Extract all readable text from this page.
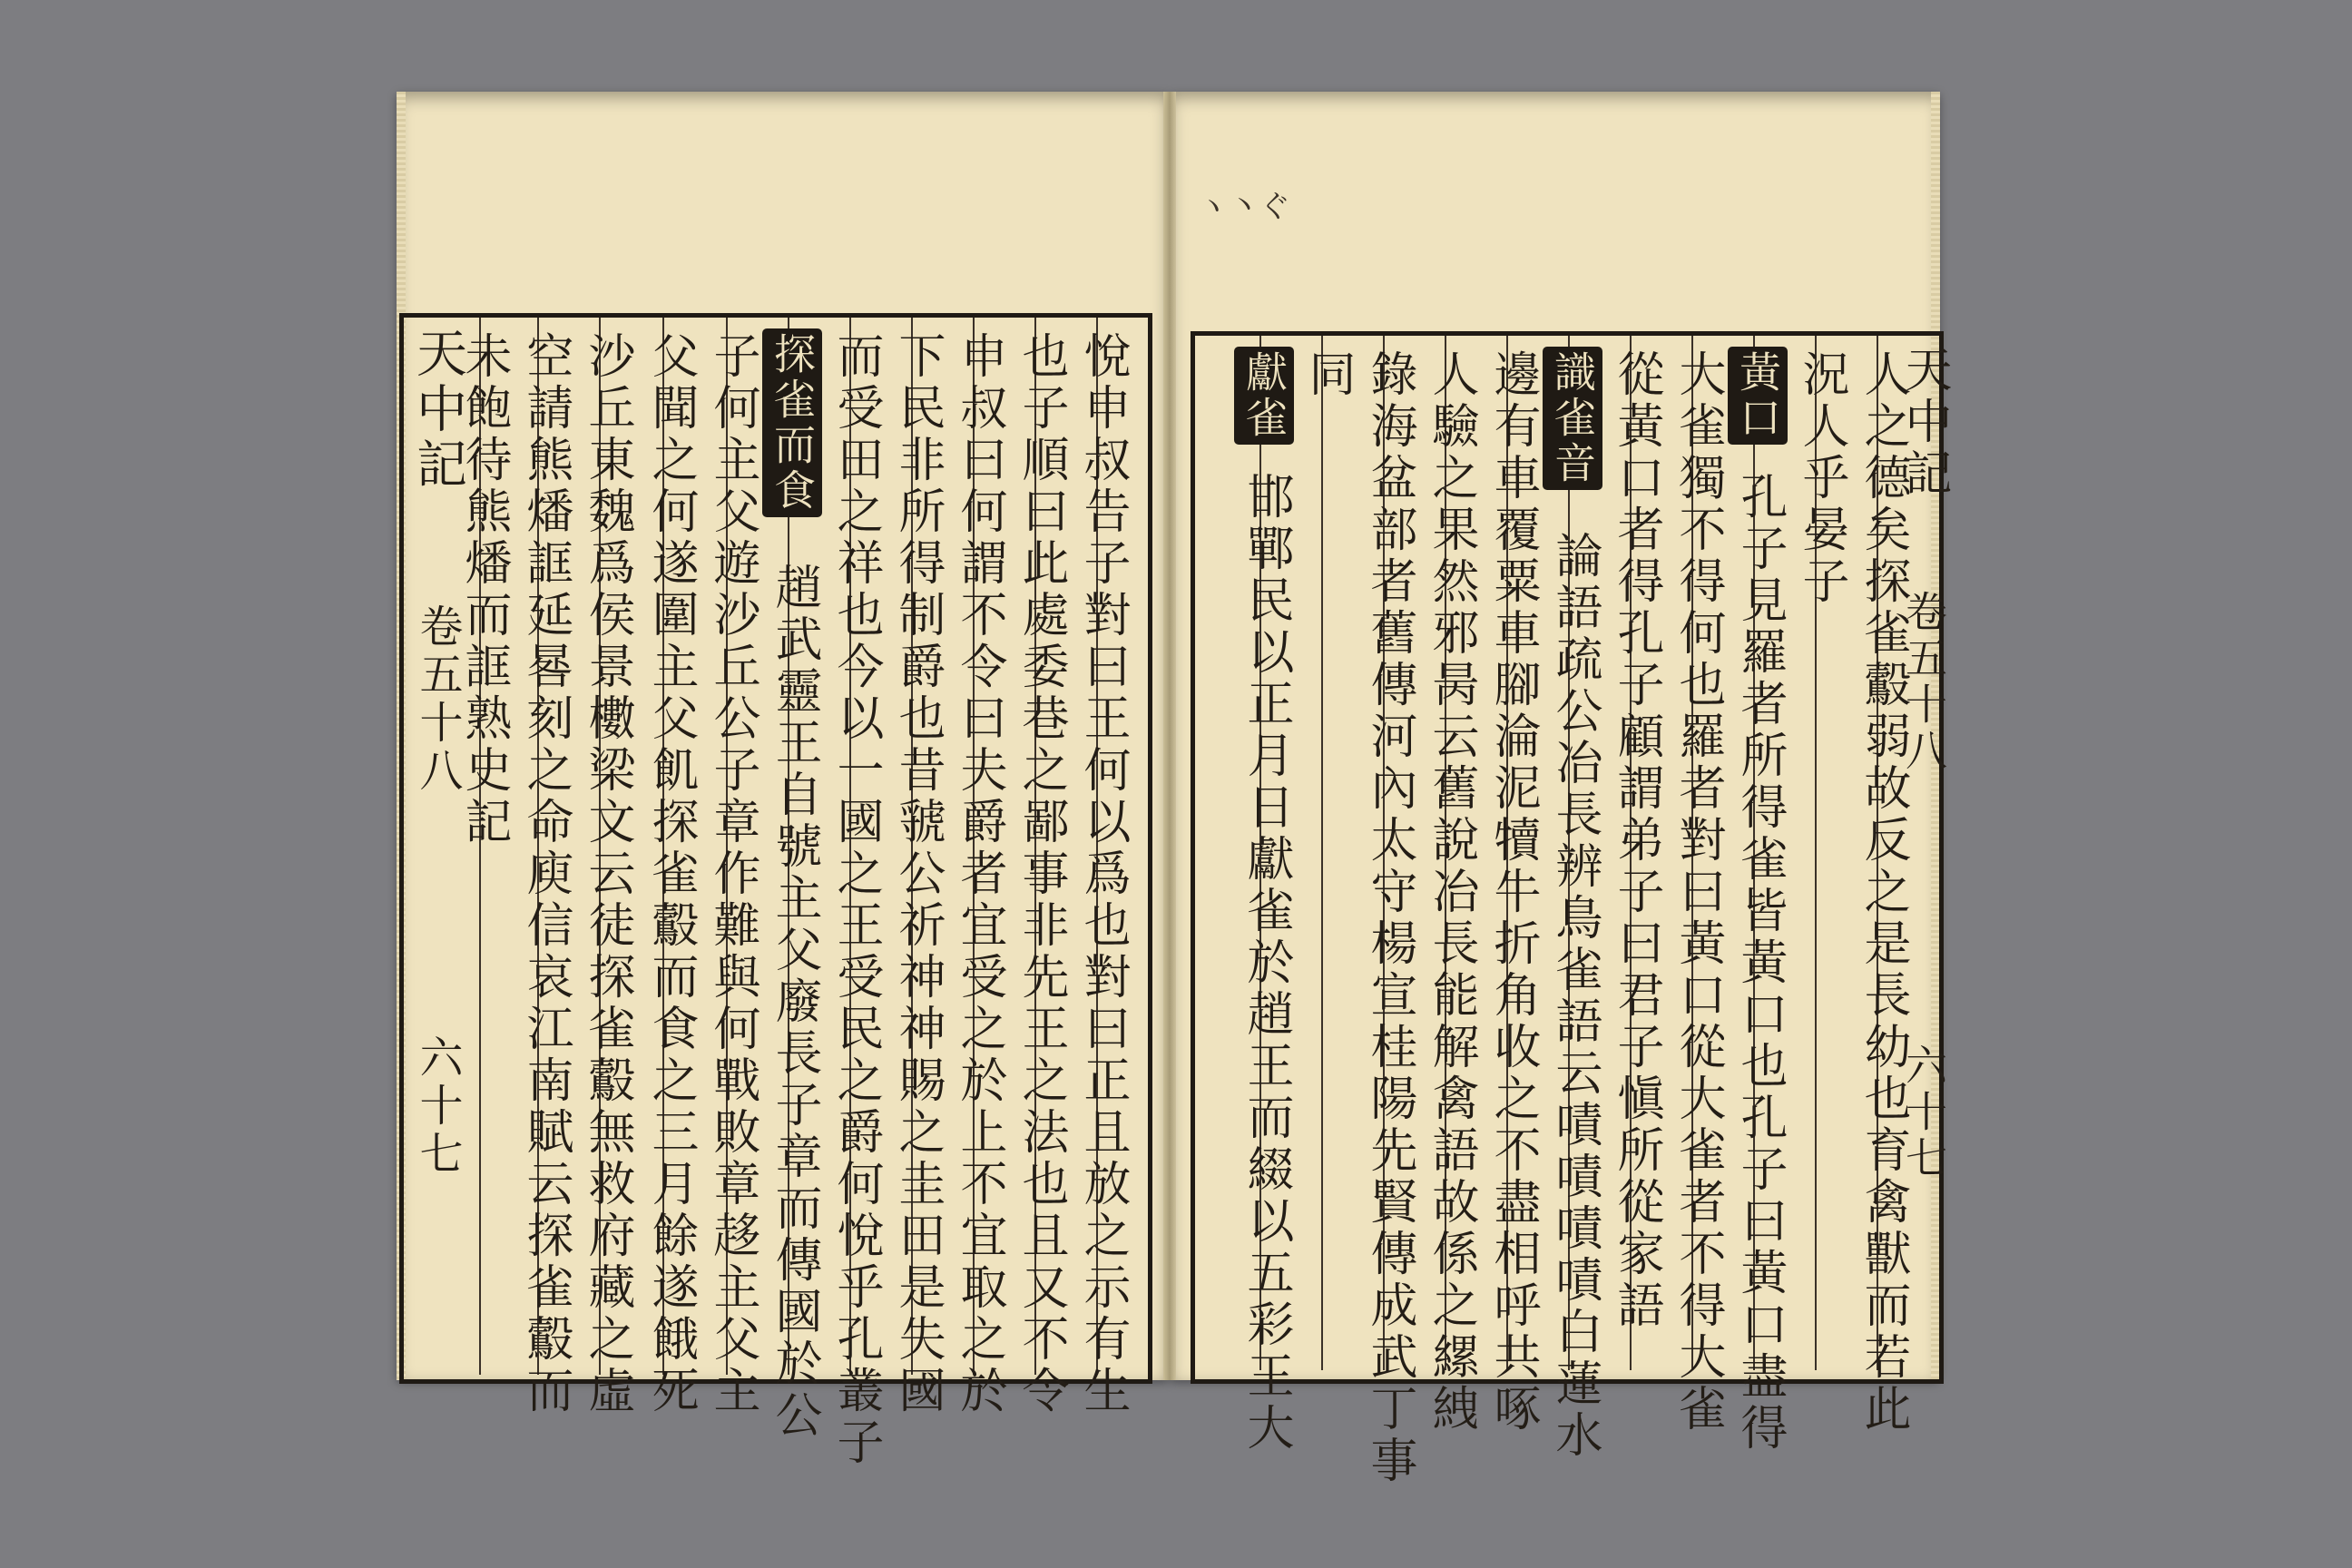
天中記
卷五十八
六十七	悅申叔告子對曰王何以爲也對曰正且放之示有生
也子順曰此處委巷之鄙事非先王之法也且又不令
申叔曰何謂不令曰夫爵者宜受之於上不宜取之於
下民非所得制爵也昔虢公祈神神賜之圭田是失國
而受田之祥也今以一國之王受民之爵何悅乎孔叢子
探雀而食
趙武靈王自號主父廢長子章而傳國於公
子何主父遊沙丘公子章作難與何戰敗章趍主父主
父聞之何遂圍主父飢探雀鷇而食之三月餘遂餓死
沙丘東魏爲侯景櫢梁文云徒探雀鷇無救府藏之虛
空請熊燔誆延晷刻之命庾信哀江南賦云探雀鷇而
未飽待熊燔而誆熟史記
ヽ丶ぐ
人之德矣探雀鷇弱故反之是長幼也育禽獸而若此
況人乎晏子
黃口
孔子見羅者所得雀皆黃口也孔子曰黃口盡得
大雀獨不得何也羅者對曰黃口從大雀者不得大雀
從黃口者得孔子顧謂弟子曰君子愼所從家語
識雀音
論語疏公冶長辨鳥雀語云嘖嘖嘖嘖白蓮水
邊有車覆粟車腳淪泥犢牛折角收之不盡相呼共啄
人驗之果然邪昺云舊說冶長能解禽語故係之縲絏
錄海盆部者舊傳河內太守楊宣桂陽先賢傳成武丁事
同
獻雀
邯鄲民以正月日獻雀於趙王而綴以五彩王大
天中記
卷五十八
六十七
